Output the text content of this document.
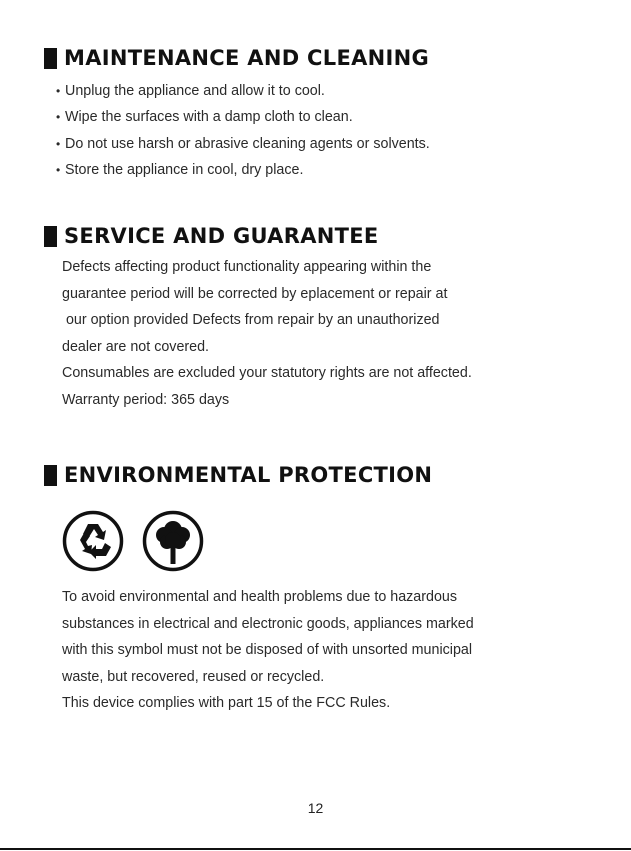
MAINTENANCE AND CLEANING
• Unplug the appliance and allow it to cool.
• Wipe the surfaces with a damp cloth to clean.
• Do not use harsh or abrasive cleaning agents or solvents.
• Store the appliance in cool, dry place.
SERVICE AND GUARANTEE
Defects affecting product functionality appearing within the
guarantee period will be corrected by eplacement or repair at
our option provided Defects from repair by an unauthorized
dealer are not covered.
Consumables are excluded your statutory rights are not affected.
Warranty period: 365 days
ENVIRONMENTAL PROTECTION
To avoid environmental and health problems due to hazardous
substances in electrical and electronic goods, appliances marked
with this symbol must not be disposed of with unsorted municipal
waste, but recovered, reused or recycled.
This device complies with part 15 of the FCC Rules.
12
